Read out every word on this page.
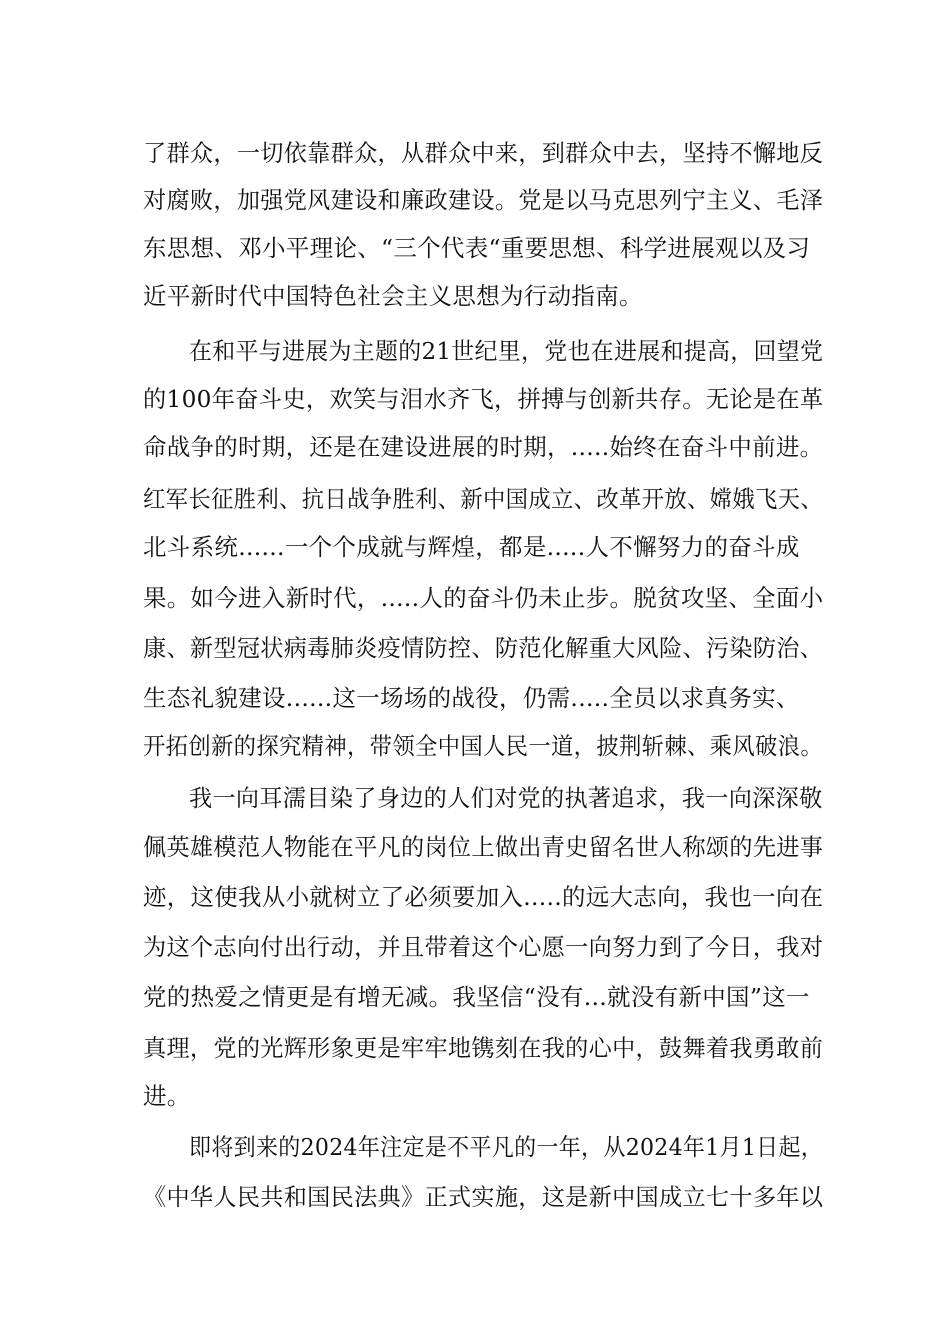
了群众，一切依靠群众，从群众中来，到群众中去，坚持不懈地反
对腐败，加强党风建设和廉政建设。党是以马克思列宁主义、毛泽
东思想、邓小平理论、“三个代表“重要思想、科学进展观以及习
近平新时代中国特色社会主义思想为行动指南。
在和平与进展为主题的21世纪里，党也在进展和提高，回望党
的100年奋斗史，欢笑与泪水齐飞，拼搏与创新共存。无论是在革
命战争的时期，还是在建设进展的时期，.....始终在奋斗中前进。
红军长征胜利、抗日战争胜利、新中国成立、改革开放、嫦娥飞天、
北斗系统......一个个成就与辉煌，都是.....人不懈努力的奋斗成
果。如今进入新时代，.....人的奋斗仍未止步。脱贫攻坚、全面小
康、新型冠状病毒肺炎疫情防控、防范化解重大风险、污染防治、
生态礼貌建设......这一场场的战役，仍需.....全员以求真务实、
开拓创新的探究精神，带领全中国人民一道，披荆斩棘、乘风破浪。
我一向耳濡目染了身边的人们对党的执著追求，我一向深深敬
佩英雄模范人物能在平凡的岗位上做出青史留名世人称颂的先进事
迹，这使我从小就树立了必须要加入.....的远大志向，我也一向在
为这个志向付出行动，并且带着这个心愿一向努力到了今日，我对
党的热爱之情更是有增无减。我坚信“没有...就没有新中国”这一
真理，党的光辉形象更是牢牢地镌刻在我的心中，鼓舞着我勇敢前
进。
即将到来的2024年注定是不平凡的一年，从2024年1月1日起，
《中华人民共和国民法典》正式实施，这是新中国成立七十多年以
